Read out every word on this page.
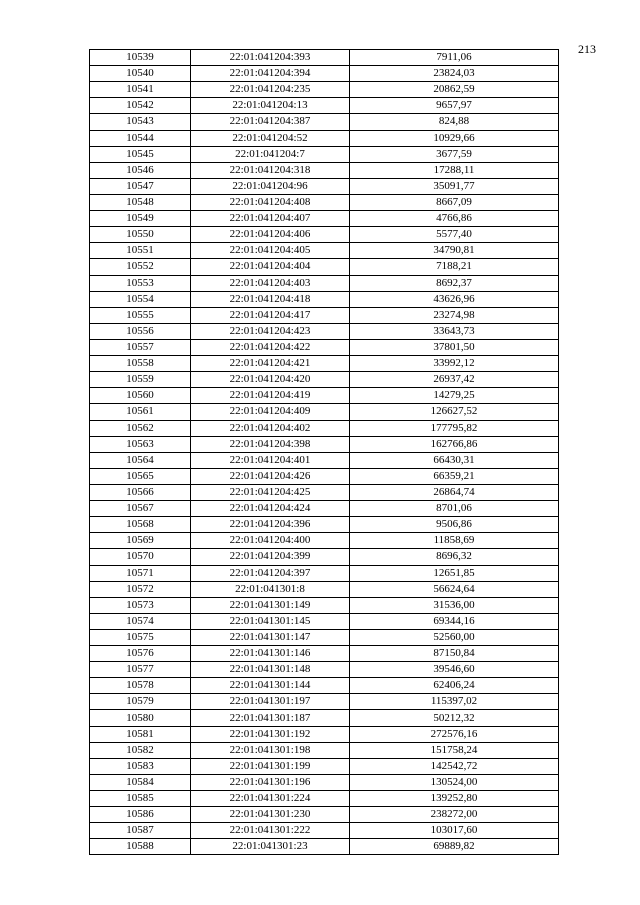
213
10539	22:01:041204:393	7911,06
10540	22:01:041204:394	23824,03
10541	22:01:041204:235	20862,59
10542	22:01:041204:13	9657,97
10543	22:01:041204:387	824,88
10544	22:01:041204:52	10929,66
10545	22:01:041204:7	3677,59
10546	22:01:041204:318	17288,11
10547	22:01:041204:96	35091,77
10548	22:01:041204:408	8667,09
10549	22:01:041204:407	4766,86
10550	22:01:041204:406	5577,40
10551	22:01:041204:405	34790,81
10552	22:01:041204:404	7188,21
10553	22:01:041204:403	8692,37
10554	22:01:041204:418	43626,96
10555	22:01:041204:417	23274,98
10556	22:01:041204:423	33643,73
10557	22:01:041204:422	37801,50
10558	22:01:041204:421	33992,12
10559	22:01:041204:420	26937,42
10560	22:01:041204:419	14279,25
10561	22:01:041204:409	126627,52
10562	22:01:041204:402	177795,82
10563	22:01:041204:398	162766,86
10564	22:01:041204:401	66430,31
10565	22:01:041204:426	66359,21
10566	22:01:041204:425	26864,74
10567	22:01:041204:424	8701,06
10568	22:01:041204:396	9506,86
10569	22:01:041204:400	11858,69
10570	22:01:041204:399	8696,32
10571	22:01:041204:397	12651,85
10572	22:01:041301:8	56624,64
10573	22:01:041301:149	31536,00
10574	22:01:041301:145	69344,16
10575	22:01:041301:147	52560,00
10576	22:01:041301:146	87150,84
10577	22:01:041301:148	39546,60
10578	22:01:041301:144	62406,24
10579	22:01:041301:197	115397,02
10580	22:01:041301:187	50212,32
10581	22:01:041301:192	272576,16
10582	22:01:041301:198	151758,24
10583	22:01:041301:199	142542,72
10584	22:01:041301:196	130524,00
10585	22:01:041301:224	139252,80
10586	22:01:041301:230	238272,00
10587	22:01:041301:222	103017,60
10588	22:01:041301:23	69889,82
